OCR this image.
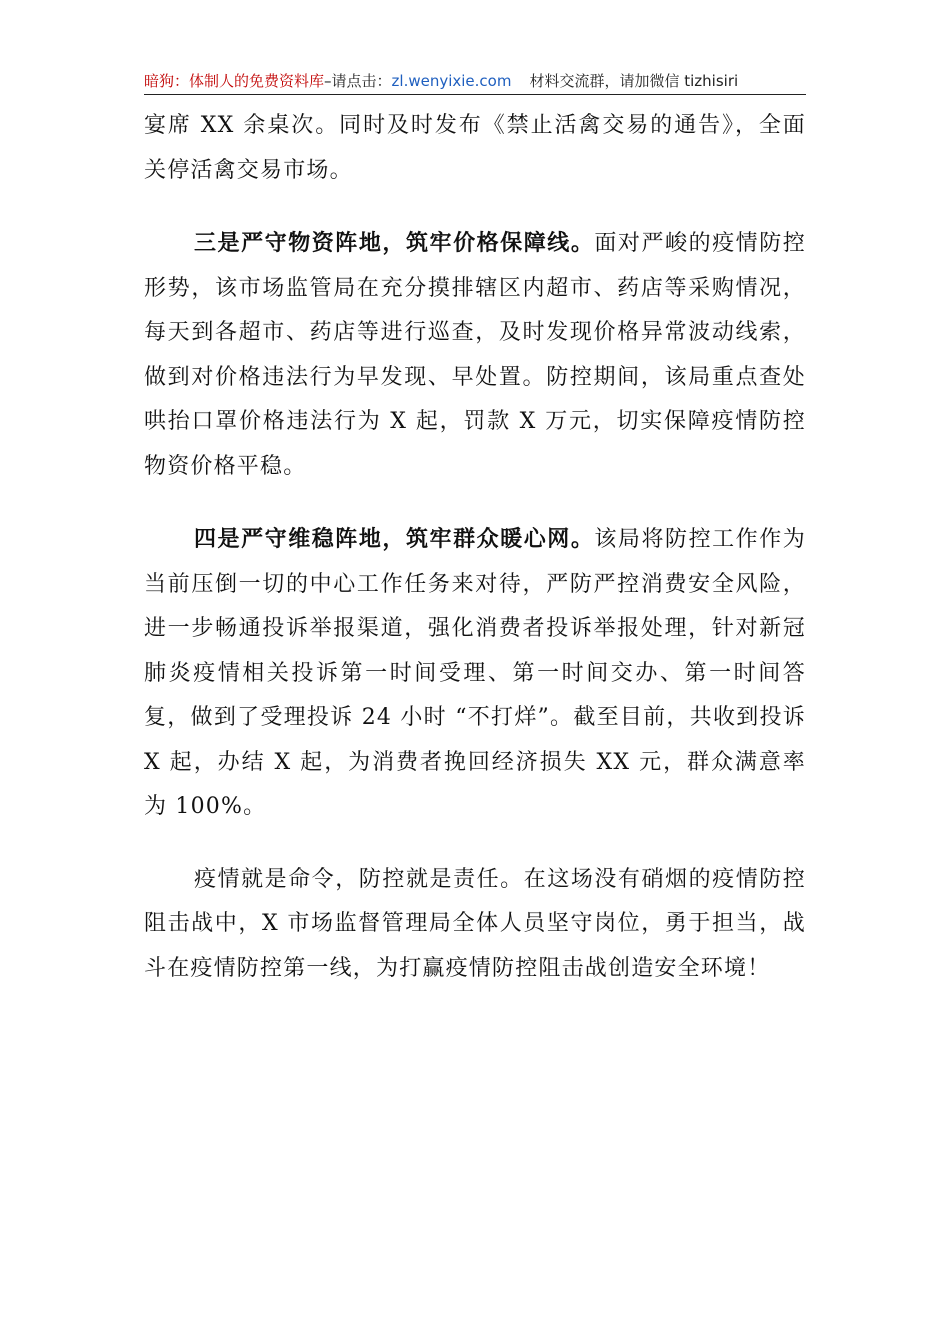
暗狗：体制人的免费资料库–请点击：zl.wenyixie.com 材料交流群，请加微信 tizhisiri

宴席 XX 余桌次。同时及时发布《禁止活禽交易的通告》，全面关停活禽交易市场。

三是严守物资阵地，筑牢价格保障线。面对严峻的疫情防控形势，该市场监管局在充分摸排辖区内超市、药店等采购情况，每天到各超市、药店等进行巡查，及时发现价格异常波动线索，做到对价格违法行为早发现、早处置。防控期间，该局重点查处哄抬口罩价格违法行为 X 起，罚款 X 万元，切实保障疫情防控物资价格平稳。

四是严守维稳阵地，筑牢群众暖心网。该局将防控工作作为当前压倒一切的中心工作任务来对待，严防严控消费安全风险，进一步畅通投诉举报渠道，强化消费者投诉举报处理，针对新冠肺炎疫情相关投诉第一时间受理、第一时间交办、第一时间答复，做到了受理投诉 24 小时 “不打烊”。截至目前，共收到投诉 X 起，办结 X 起，为消费者挽回经济损失 XX 元，群众满意率为 100%。

疫情就是命令，防控就是责任。在这场没有硝烟的疫情防控阻击战中，X 市场监督管理局全体人员坚守岗位，勇于担当，战斗在疫情防控第一线，为打赢疫情防控阻击战创造安全环境！
